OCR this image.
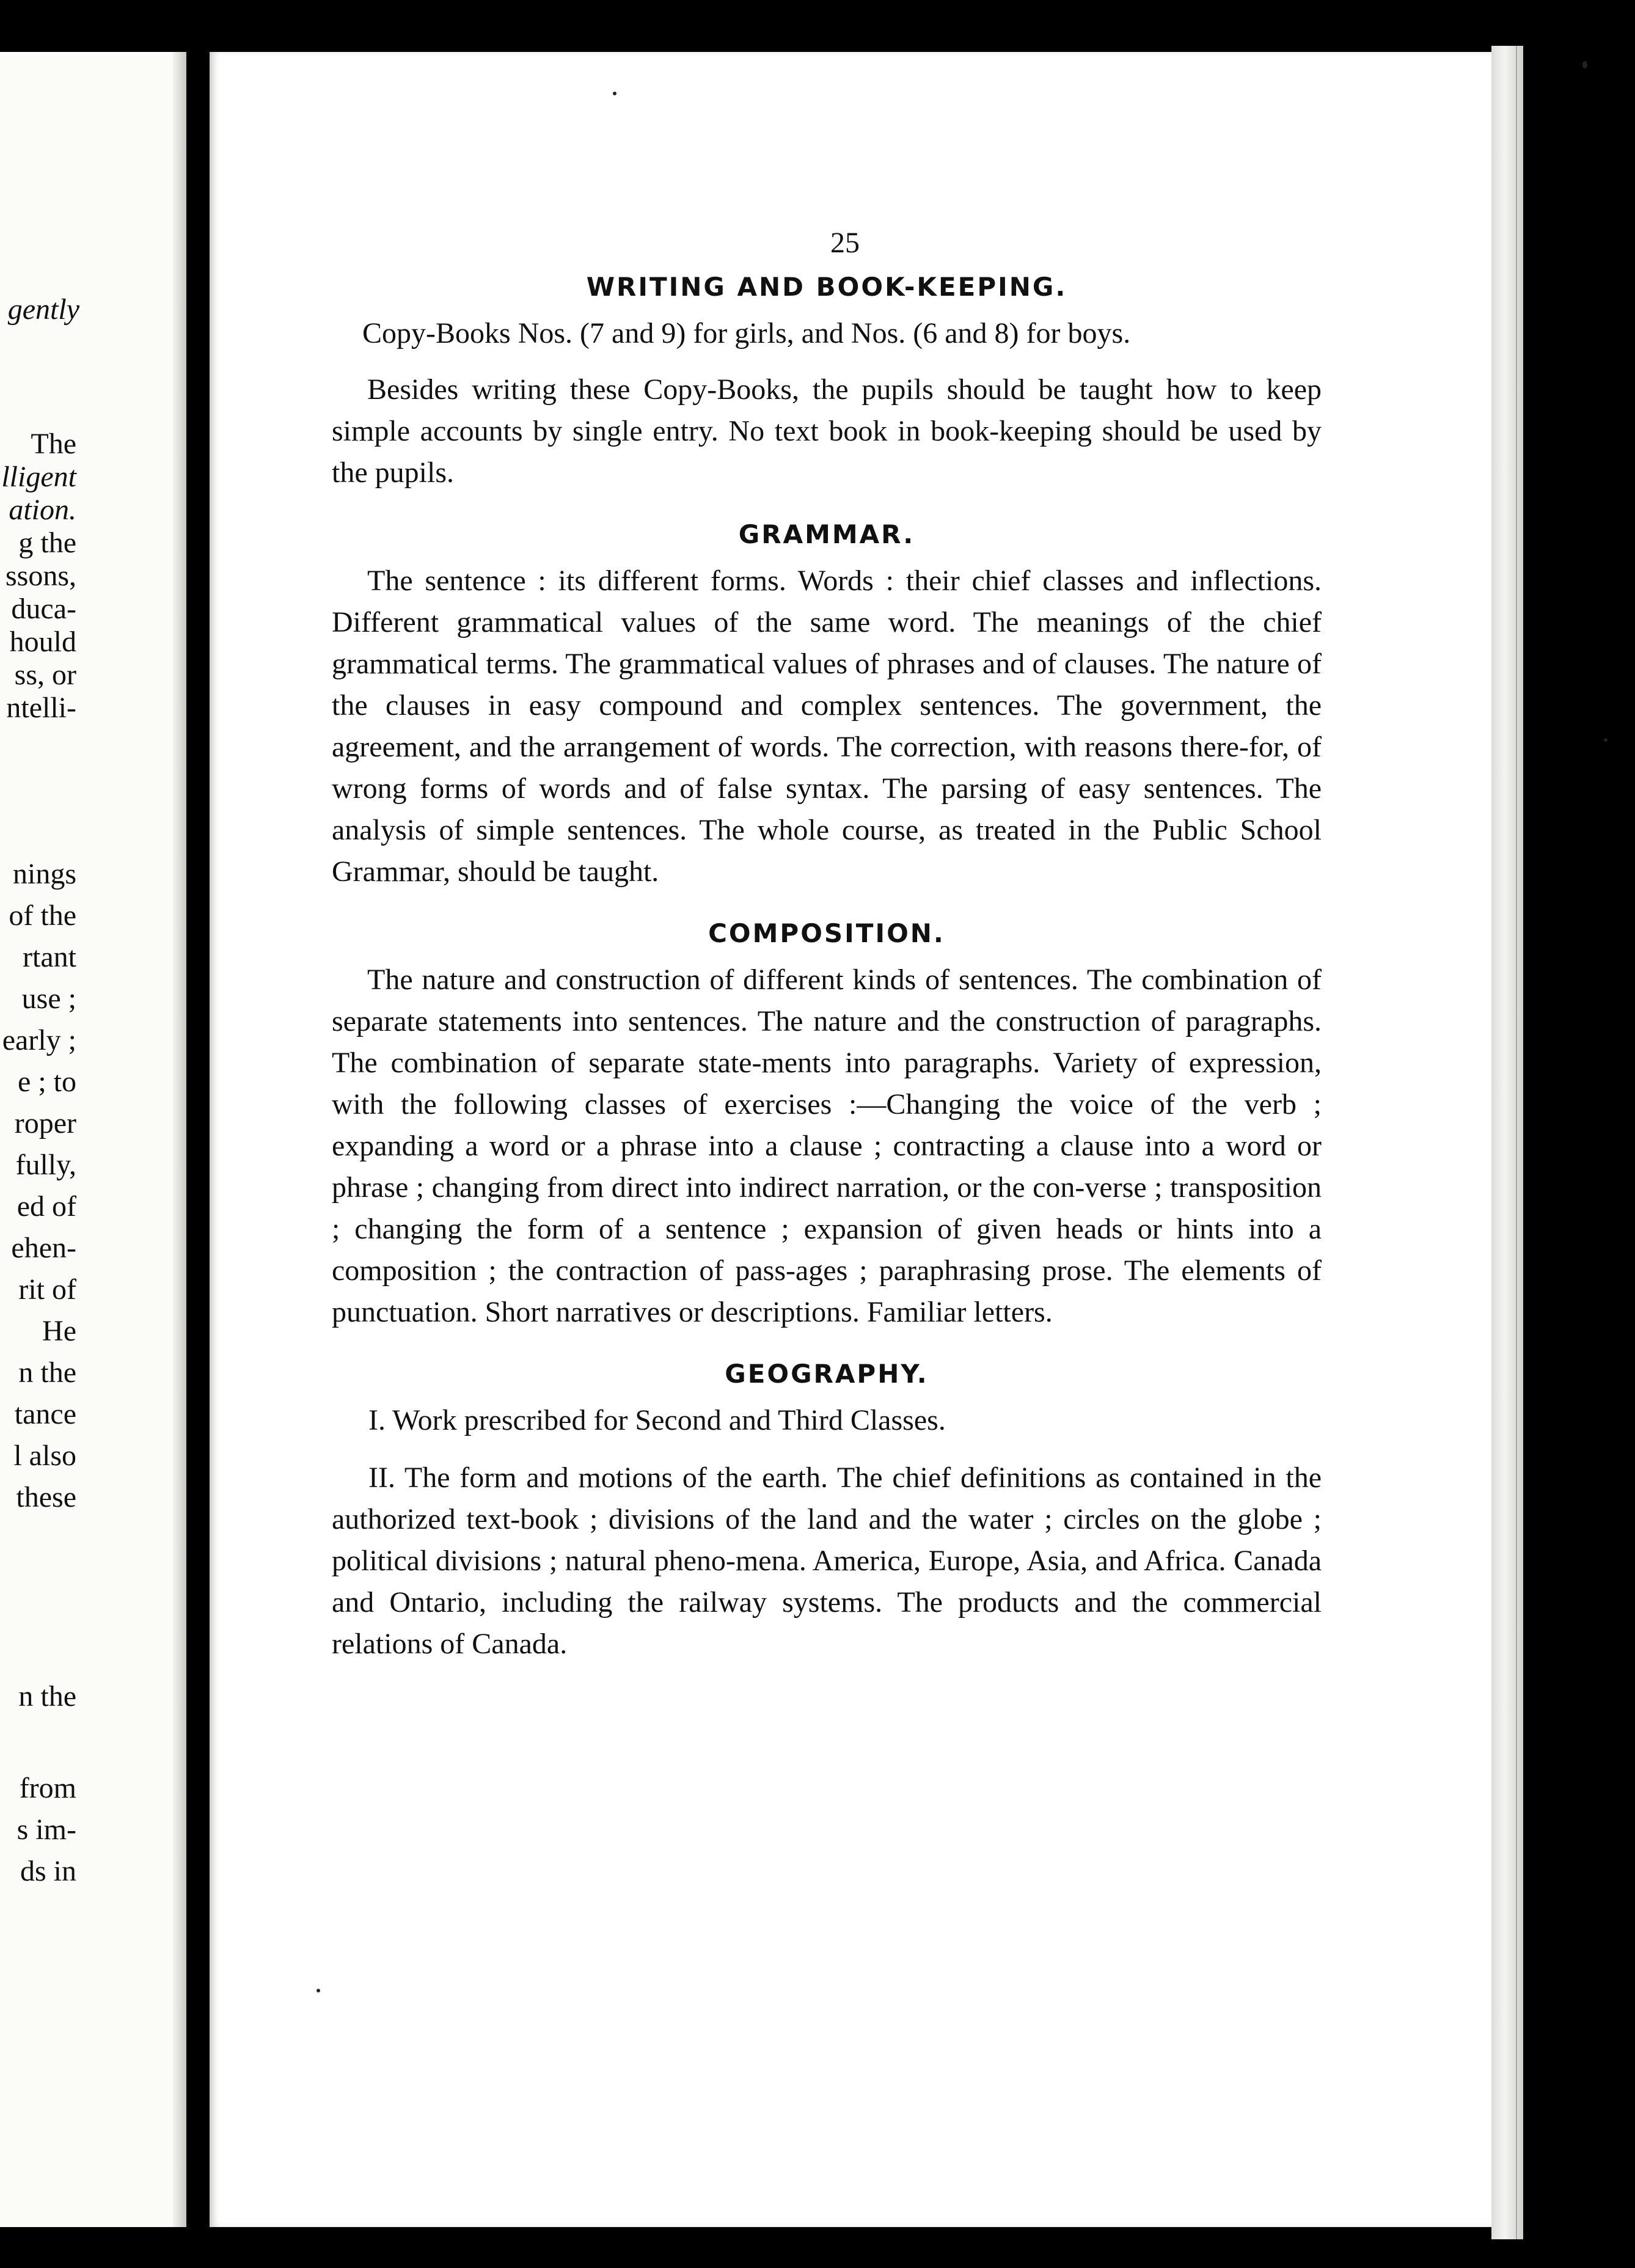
gently

The

lligent

ation.

g the

ssons,

duca-

hould

ss, or

ntelli-

nings

of the

rtant

use ;

early ;

e ; to

roper

fully,

ed of

ehen-

rit of

He

n the

tance

l also

these

n the

from

s im-

ds in

25

WRITING AND BOOK-KEEPING.

Copy-Books Nos. (7 and 9) for girls, and Nos. (6 and 8) for boys.

Besides writing these Copy-Books, the pupils should be taught how to keep simple accounts by single entry. No text book in book-keeping should be used by the pupils.

GRAMMAR.

The sentence : its different forms. Words : their chief classes and inflections. Different grammatical values of the same word. The meanings of the chief grammatical terms. The grammatical values of phrases and of clauses. The nature of the clauses in easy compound and complex sentences. The government, the agreement, and the arrangement of words. The correction, with reasons there-for, of wrong forms of words and of false syntax. The parsing of easy sentences. The analysis of simple sentences. The whole course, as treated in the Public School Grammar, should be taught.

COMPOSITION.

The nature and construction of different kinds of sentences. The combination of separate statements into sentences. The nature and the construction of paragraphs. The combination of separate state-ments into paragraphs. Variety of expression, with the following classes of exercises :—Changing the voice of the verb ; expanding a word or a phrase into a clause ; contracting a clause into a word or phrase ; changing from direct into indirect narration, or the con-verse ; transposition ; changing the form of a sentence ; expansion of given heads or hints into a composition ; the contraction of pass-ages ; paraphrasing prose. The elements of punctuation. Short narratives or descriptions. Familiar letters.

GEOGRAPHY.

I. Work prescribed for Second and Third Classes.

II. The form and motions of the earth. The chief definitions as contained in the authorized text-book ; divisions of the land and the water ; circles on the globe ; political divisions ; natural pheno-mena. America, Europe, Asia, and Africa. Canada and Ontario, including the railway systems. The products and the commercial relations of Canada.
